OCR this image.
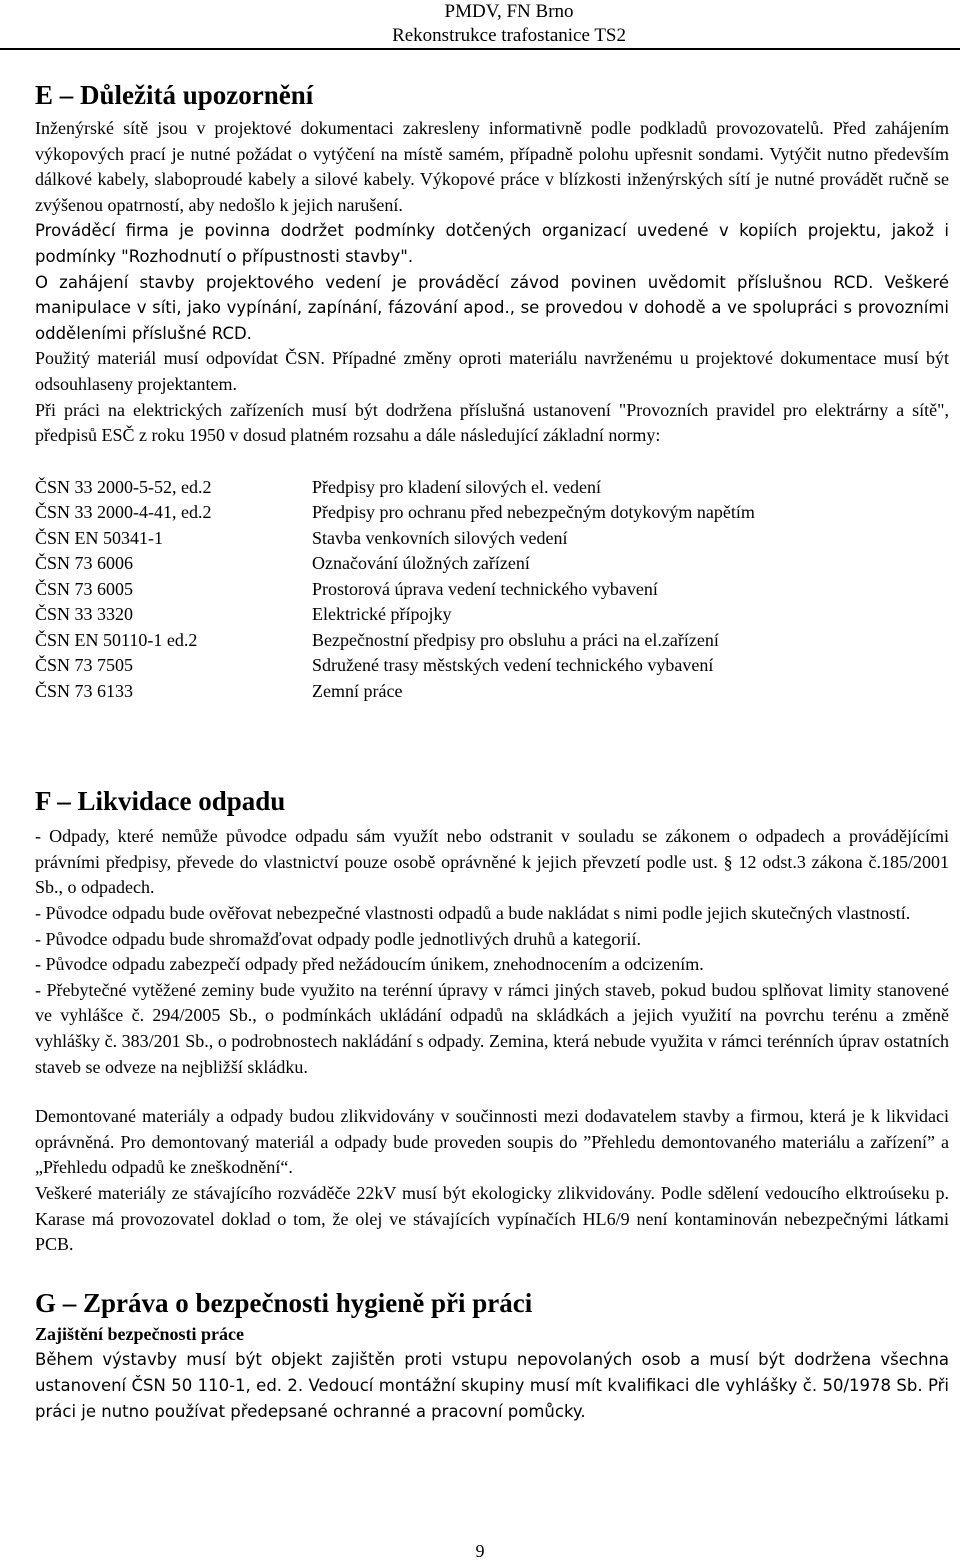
PMDV, FN Brno
Rekonstrukce trafostanice TS2
E – Důležitá upozornění

Inženýrské sítě jsou v projektové dokumentaci zakresleny informativně podle podkladů provozovatelů. Před zahájením výkopových prací je nutné požádat o vytýčení na místě samém, případně polohu upřesnit sondami. Vytýčit nutno především dálkové kabely, slaboproudé kabely a silové kabely. Výkopové práce v blízkosti inženýrských sítí je nutné provádět ručně se zvýšenou opatrností, aby nedošlo k jejich narušení.

Prováděcí firma je povinna dodržet podmínky dotčených organizací uvedené v kopiích projektu, jakož i podmínky "Rozhodnutí o přípustnosti stavby".

O zahájení stavby projektového vedení je prováděcí závod povinen uvědomit příslušnou RCD. Veškeré manipulace v síti, jako vypínání, zapínání, fázování apod., se provedou v dohodě a ve spolupráci s provozními odděleními příslušné RCD.

Použitý materiál musí odpovídat ČSN. Případné změny oproti materiálu navrženému u projektové dokumentace musí být odsouhlaseny projektantem.

Při práci na elektrických zařízeních musí být dodržena příslušná ustanovení "Provozních pravidel pro elektrárny a sítě", předpisů ESČ z roku 1950 v dosud platném rozsahu a dále následující základní normy:

ČSN 33 2000-5-52, ed.2	Předpisy pro kladení silových el. vedení
ČSN 33 2000-4-41, ed.2	Předpisy pro ochranu před nebezpečným dotykovým napětím
ČSN EN 50341-1	Stavba venkovních silových vedení
ČSN 73 6006	Označování úložných zařízení
ČSN 73 6005	Prostorová úprava vedení technického vybavení
ČSN 33 3320	Elektrické přípojky
ČSN EN 50110-1 ed.2	Bezpečnostní předpisy pro obsluhu a práci na el.zařízení
ČSN 73 7505	Sdružené trasy městských vedení technického vybavení
ČSN 73 6133	Zemní práce
F – Likvidace odpadu

- Odpady, které nemůže původce odpadu sám využít nebo odstranit v souladu se zákonem o odpadech a prováděјícími právními předpisy, převede do vlastnictví pouze osobě oprávněné k jejich převzetí podle ust. § 12 odst.3 zákona č.185/2001 Sb., o odpadech.

- Původce odpadu bude ověřovat nebezpečné vlastnosti odpadů a bude nakládat s nimi podle jejich skutečných vlastností.

- Původce odpadu bude shromažďovat odpady podle jednotlivých druhů a kategorií.

- Původce odpadu zabezpečí odpady před nežádoucím únikem, znehodnocením a odcizením.

- Přebytečné vytěžené zeminy bude využito na terénní úpravy v rámci jiných staveb, pokud budou splňovat limity stanovené ve vyhlášce č. 294/2005 Sb., o podmínkách ukládání odpadů na skládkách a jejich využití na povrchu terénu a změně vyhlášky č. 383/201 Sb., o podrobnostech nakládání s odpady. Zemina, která nebude využita v rámci terénních úprav ostatních staveb se odveze na nejbližší skládku.

Demontované materiály a odpady budou zlikvidovány v součinnosti mezi dodavatelem stavby a firmou, která je k likvidaci oprávněná. Pro demontovaný materiál a odpady bude proveden soupis do ”Přehledu demontovaného materiálu a zařízení” a „Přehledu odpadů ke zneškodnění“.

Veškeré materiály ze stávajícího rozváděče 22kV musí být ekologicky zlikvidovány. Podle sdělení vedoucího elktroúseku p. Karase má provozovatel doklad o tom, že olej ve stávajících vypínačích HL6/9 není kontaminován nebezpečnými látkami PCB.

G – Zpráva o bezpečnosti hygieně při práci
Zajištění bezpečnosti práce

Během výstavby musí být objekt zajištěn proti vstupu nepovolaných osob a musí být dodržena všechna ustanovení ČSN 50 110-1, ed. 2. Vedoucí montážní skupiny musí mít kvalifikaci dle vyhlášky č. 50/1978 Sb. Při práci je nutno používat předepsané ochranné a pracovní pomůcky.

9
